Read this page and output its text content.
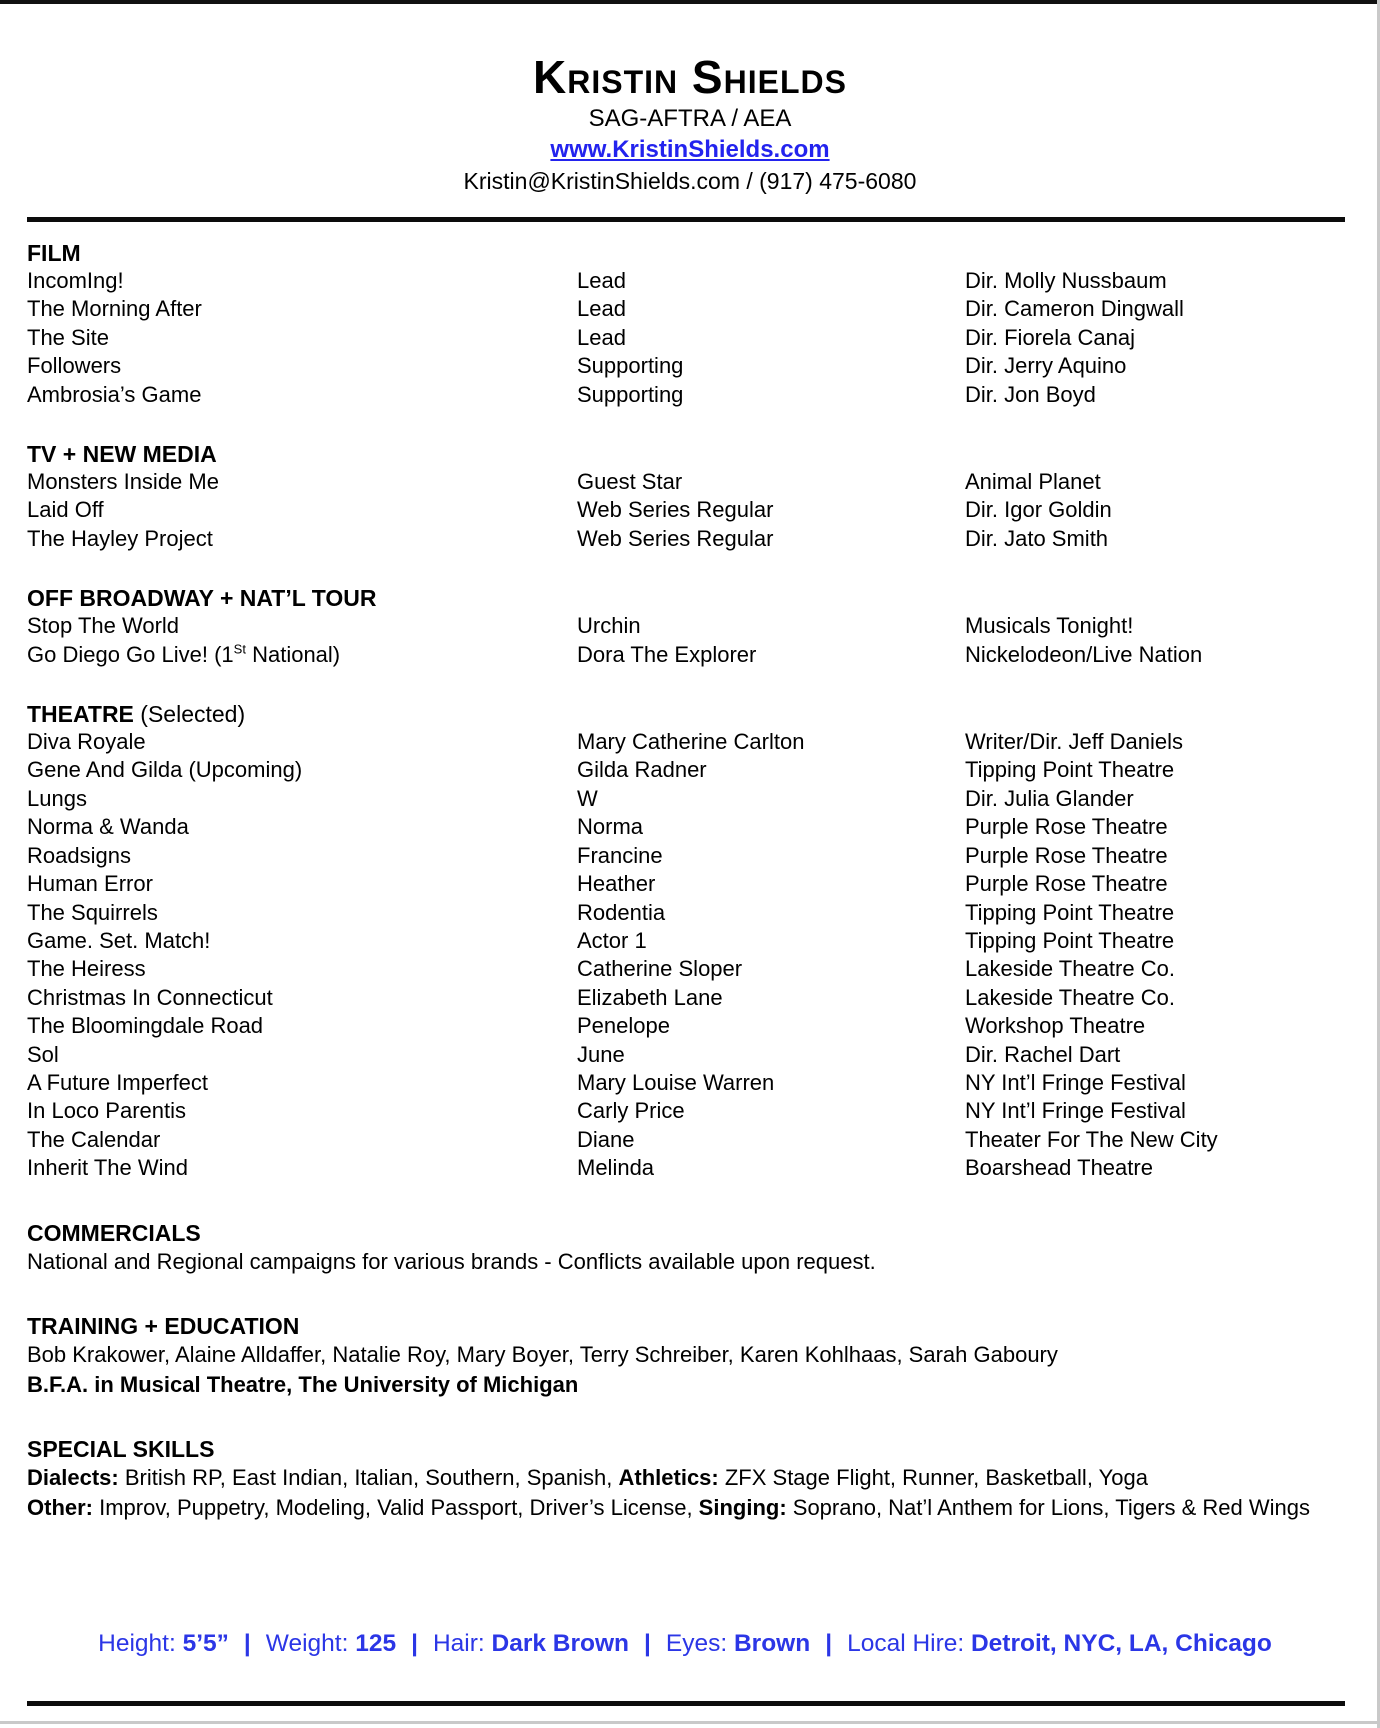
Kristin Shields
SAG-AFTRA / AEA
www.KristinShields.com
Kristin@KristinShields.com / (917) 475-6080
FILM
IncomIng!	Lead	Dir. Molly Nussbaum
The Morning After	Lead	Dir. Cameron Dingwall
The Site	Lead	Dir. Fiorela Canaj
Followers	Supporting	Dir. Jerry Aquino
Ambrosia’s Game	Supporting	Dir. Jon Boyd
TV + NEW MEDIA
Monsters Inside Me	Guest Star	Animal Planet
Laid Off	Web Series Regular	Dir. Igor Goldin
The Hayley Project	Web Series Regular	Dir. Jato Smith
OFF BROADWAY + NAT’L TOUR
Stop The World	Urchin	Musicals Tonight!
Go Diego Go Live! (1St National)	Dora The Explorer	Nickelodeon/Live Nation
THEATRE (Selected)
Diva Royale	Mary Catherine Carlton	Writer/Dir. Jeff Daniels
Gene And Gilda (Upcoming)	Gilda Radner	Tipping Point Theatre
Lungs	W	Dir. Julia Glander
Norma & Wanda	Norma	Purple Rose Theatre
Roadsigns	Francine	Purple Rose Theatre
Human Error	Heather	Purple Rose Theatre
The Squirrels	Rodentia	Tipping Point Theatre
Game. Set. Match!	Actor 1	Tipping Point Theatre
The Heiress	Catherine Sloper	Lakeside Theatre Co.
Christmas In Connecticut	Elizabeth Lane	Lakeside Theatre Co.
The Bloomingdale Road	Penelope	Workshop Theatre
Sol	June	Dir. Rachel Dart
A Future Imperfect	Mary Louise Warren	NY Int’l Fringe Festival
In Loco Parentis	Carly Price	NY Int’l Fringe Festival
The Calendar	Diane	Theater For The New City
Inherit The Wind	Melinda	Boarshead Theatre
COMMERCIALS
National and Regional campaigns for various brands - Conflicts available upon request.
TRAINING + EDUCATION
Bob Krakower, Alaine Alldaffer, Natalie Roy, Mary Boyer, Terry Schreiber, Karen Kohlhaas, Sarah Gaboury
B.F.A. in Musical Theatre, The University of Michigan
SPECIAL SKILLS
Dialects: British RP, East Indian, Italian, Southern, Spanish, Athletics: ZFX Stage Flight, Runner, Basketball, Yoga
Other: Improv, Puppetry, Modeling, Valid Passport, Driver’s License, Singing: Soprano, Nat’l Anthem for Lions, Tigers & Red Wings
Height: 5’5” | Weight: 125 | Hair: Dark Brown | Eyes: Brown | Local Hire: Detroit, NYC, LA, Chicago
